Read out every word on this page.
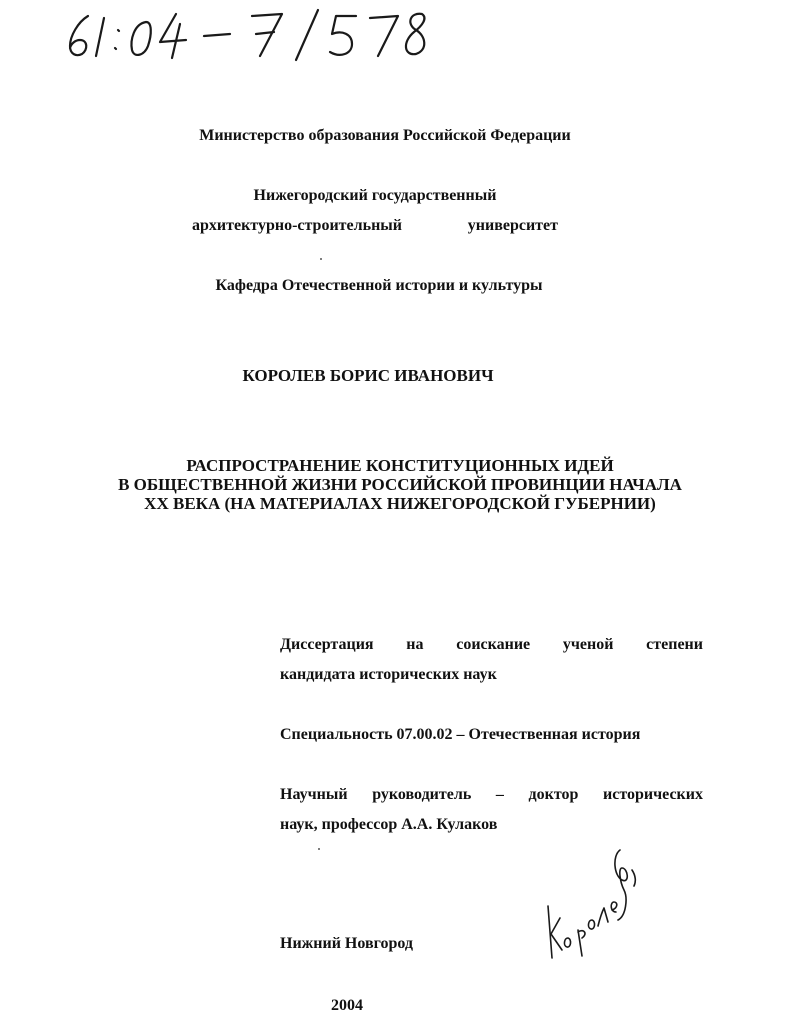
Министерство образования Российской Федерации
Нижегородский государственный
архитектурно-строительный	университет
Кафедра Отечественной истории и культуры
КОРОЛЕВ БОРИС ИВАНОВИЧ
РАСПРОСТРАНЕНИЕ КОНСТИТУЦИОННЫХ ИДЕЙ
В ОБЩЕСТВЕННОЙ ЖИЗНИ РОССИЙСКОЙ ПРОВИНЦИИ НАЧАЛА
XX ВЕКА (НА МАТЕРИАЛАХ НИЖЕГОРОДСКОЙ ГУБЕРНИИ)
Диссертация на соискание ученой степени
кандидата исторических наук
Специальность 07.00.02 – Отечественная история
Научный руководитель – доктор исторических
наук, профессор А.А. Кулаков
Нижний Новгород
2004
